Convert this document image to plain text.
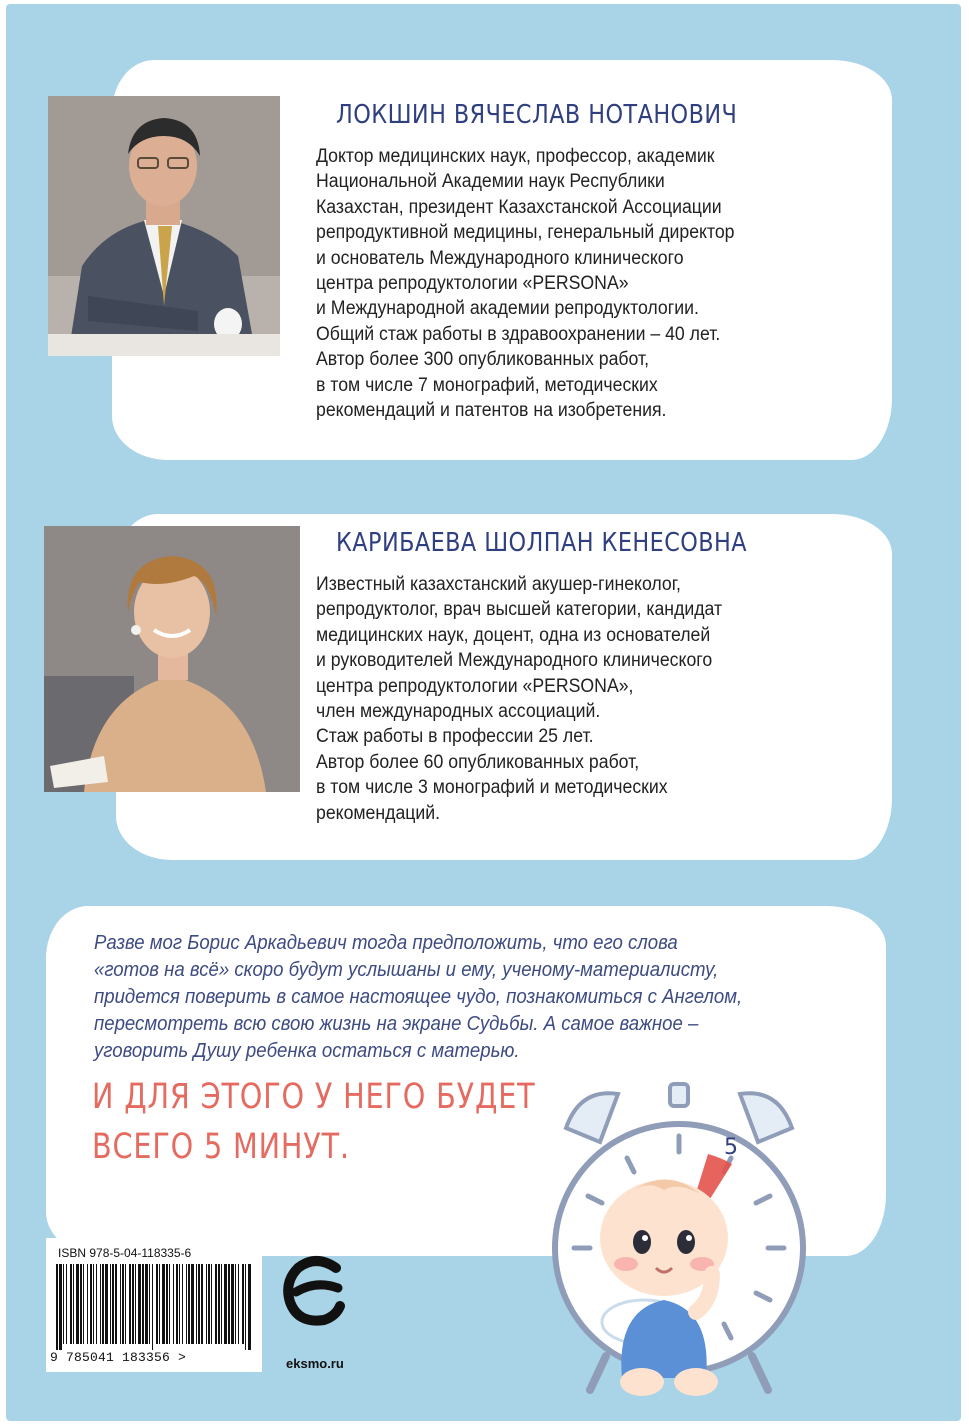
ЛОКШИН ВЯЧЕСЛАВ НОТАНОВИЧ
Доктор медицинских наук, профессор, академик
Национальной Академии наук Республики
Казахстан, президент Казахстанской Ассоциации
репродуктивной медицины, генеральный директор
и основатель Международного клинического
центра репродуктологии «PERSONA»
и Международной академии репродуктологии.
Общий стаж работы в здравоохранении – 40 лет.
Автор более 300 опубликованных работ,
в том числе 7 монографий, методических
рекомендаций и патентов на изобретения.
КАРИБАЕВА ШОЛПАН КЕНЕСОВНА
Известный казахстанский акушер-гинеколог,
репродуктолог, врач высшей категории, кандидат
медицинских наук, доцент, одна из основателей
и руководителей Международного клинического
центра репродуктологии «PERSONA»,
член международных ассоциаций.
Стаж работы в профессии 25 лет.
Автор более 60 опубликованных работ,
в том числе 3 монографий и методических
рекомендаций.
Разве мог Борис Аркадьевич тогда предположить, что его слова
«готов на всё» скоро будут услышаны и ему, ученому-материалисту,
придется поверить в самое настоящее чудо, познакомиться с Ангелом,
пересмотреть всю свою жизнь на экране Судьбы. А самое важное –
уговорить Душу ребенка остаться с матерью.
И ДЛЯ ЭТОГО У НЕГО БУДЕТ
ВСЕГО 5 МИНУТ.	5
ISBN 978-5-04-118335-6
9 785041 183356 >	eksmo.ru
